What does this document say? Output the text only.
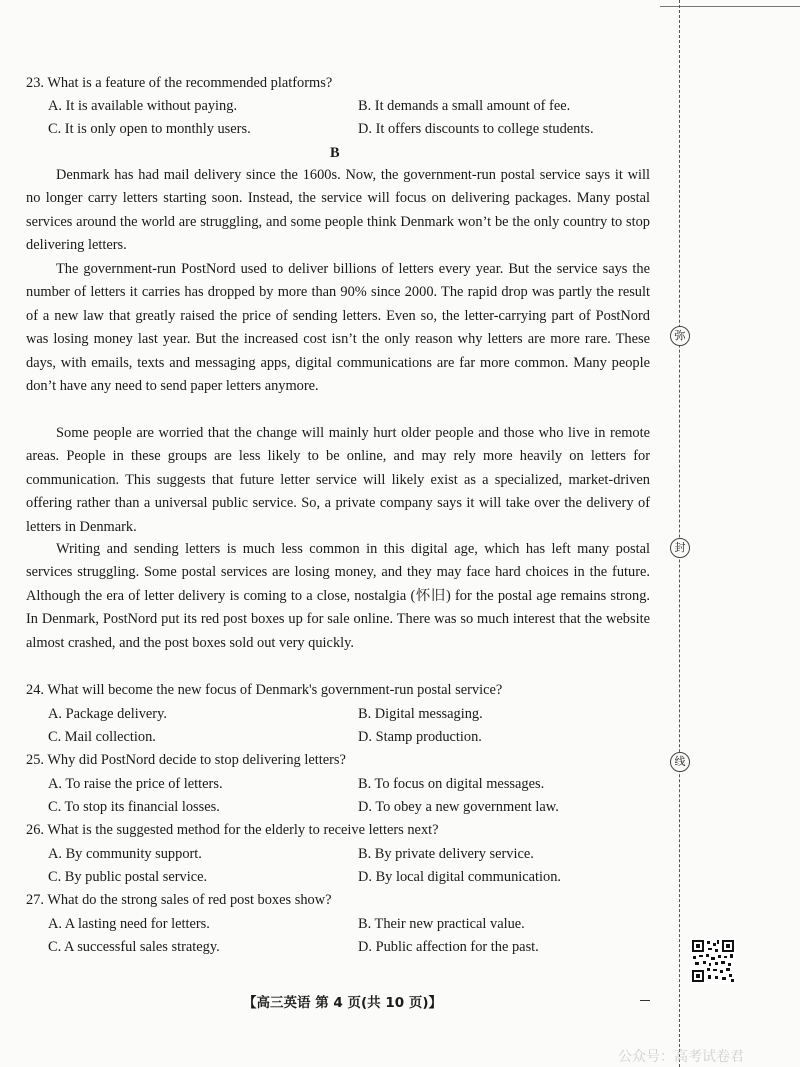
弥
封
线
23. What is a feature of the recommended platforms?
A. It is available without paying.	B. It demands a small amount of fee.
C. It is only open to monthly users.	D. It offers discounts to college students.
B
Denmark has had mail delivery since the 1600s. Now, the government-run postal service says it will no longer carry letters starting soon. Instead, the service will focus on delivering packages. Many postal services around the world are struggling, and some people think Denmark won’t be the only country to stop delivering letters.
The government-run PostNord used to deliver billions of letters every year. But the service says the number of letters it carries has dropped by more than 90% since 2000. The rapid drop was partly the result of a new law that greatly raised the price of sending letters. Even so, the letter-carrying part of PostNord was losing money last year. But the increased cost isn’t the only reason why letters are more rare. These days, with emails, texts and messaging apps, digital communications are far more common. Many people don’t have any need to send paper letters anymore.
Some people are worried that the change will mainly hurt older people and those who live in remote areas. People in these groups are less likely to be online, and may rely more heavily on letters for communication. This suggests that future letter service will likely exist as a specialized, market-driven offering rather than a universal public service. So, a private company says it will take over the delivery of letters in Denmark.
Writing and sending letters is much less common in this digital age, which has left many postal services struggling. Some postal services are losing money, and they may face hard choices in the future. Although the era of letter delivery is coming to a close, nostalgia (怀旧) for the postal age remains strong. In Denmark, PostNord put its red post boxes up for sale online. There was so much interest that the website almost crashed, and the post boxes sold out very quickly.
24. What will become the new focus of Denmark's government-run postal service?
A. Package delivery.	B. Digital messaging.
C. Mail collection.	D. Stamp production.
25. Why did PostNord decide to stop delivering letters?
A. To raise the price of letters.	B. To focus on digital messages.
C. To stop its financial losses.	D. To obey a new government law.
26. What is the suggested method for the elderly to receive letters next?
A. By community support.	B. By private delivery service.
C. By public postal service.	D. By local digital communication.
27. What do the strong sales of red post boxes show?
A. A lasting need for letters.	B. Their new practical value.
C. A successful sales strategy.	D. Public affection for the past.
【高三英语 第 4 页(共 10 页)】
公众号：高考试卷君
